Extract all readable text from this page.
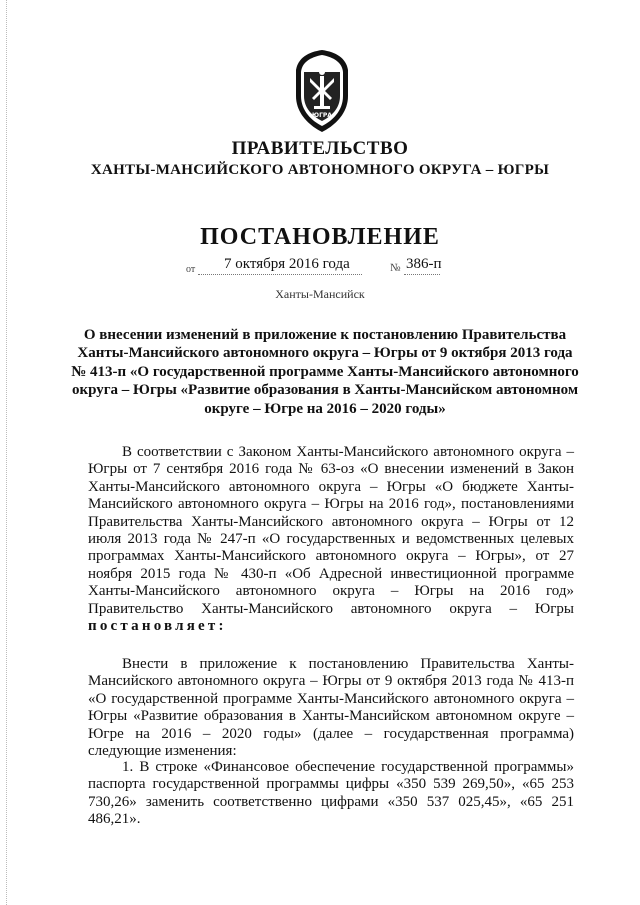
ЮГРА
ПРАВИТЕЛЬСТВО
ХАНТЫ-МАНСИЙСКОГО АВТОНОМНОГО ОКРУГА – ЮГРЫ
ПОСТАНОВЛЕНИЕ
от 7 октября 2016 года	№ 386-п
Ханты-Мансийск
О внесении изменений в приложение к постановлению Правительства Ханты-Мансийского автономного округа – Югры от 9 октября 2013 года № 413-п «О государственной программе Ханты-Мансийского автономного округа – Югры «Развитие образования в Ханты-Мансийском автономном округе – Югре на 2016 – 2020 годы»
В соответствии с Законом Ханты-Мансийского автономного округа – Югры от 7 сентября 2016 года № 63-оз «О внесении изменений в Закон Ханты-Мансийского автономного округа – Югры «О бюджете Ханты-Мансийского автономного округа – Югры на 2016 год», постановлениями Правительства Ханты-Мансийского автономного округа – Югры от 12 июля 2013 года № 247-п «О государственных и ведомственных целевых программах Ханты-Мансийского автономного округа – Югры», от 27 ноября 2015 года № 430-п «Об Адресной инвестиционной программе Ханты-Мансийского автономного округа – Югры на 2016 год» Правительство Ханты-Мансийского автономного округа – Югры постановляет:
Внести в приложение к постановлению Правительства Ханты-Мансийского автономного округа – Югры от 9 октября 2013 года № 413-п «О государственной программе Ханты-Мансийского автономного округа – Югры «Развитие образования в Ханты-Мансийском автономном округе – Югре на 2016 – 2020 годы» (далее – государственная программа) следующие изменения:
1. В строке «Финансовое обеспечение государственной программы» паспорта государственной программы цифры «350 539 269,50», «65 253 730,26» заменить соответственно цифрами «350 537 025,45», «65 251 486,21».
